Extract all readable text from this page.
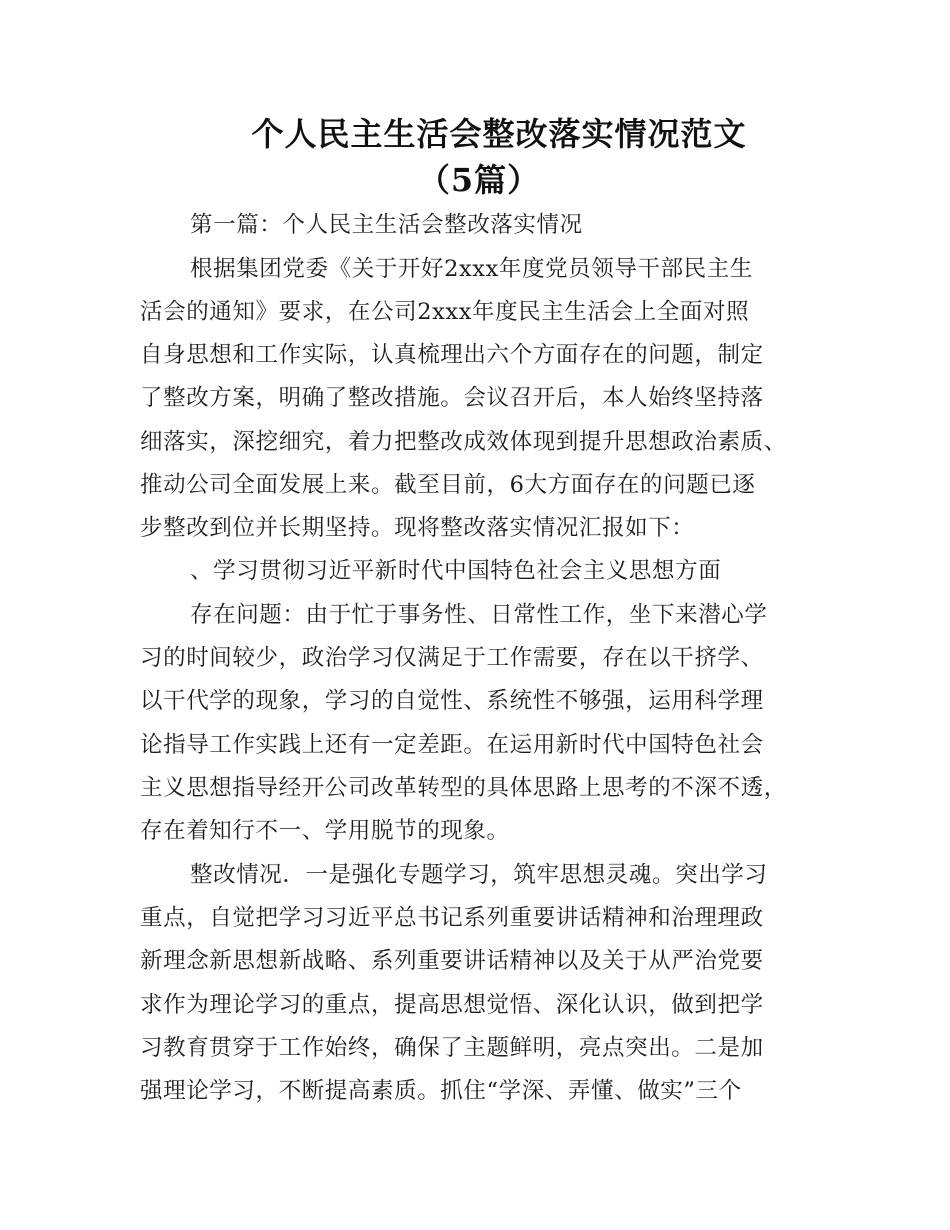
个人民主生活会整改落实情况范文
（5篇）
第一篇：个人民主生活会整改落实情况
根据集团党委《关于开好2xxx年度党员领导干部民主生
活会的通知》要求，在公司2xxx年度民主生活会上全面对照
自身思想和工作实际，认真梳理出六个方面存在的问题，制定
了整改方案，明确了整改措施。会议召开后，本人始终坚持落
细落实，深挖细究，着力把整改成效体现到提升思想政治素质、
推动公司全面发展上来。截至目前，6大方面存在的问题已逐
步整改到位并长期坚持。现将整改落实情况汇报如下：
、学习贯彻习近平新时代中国特色社会主义思想方面
存在问题：由于忙于事务性、日常性工作，坐下来潜心学
习的时间较少，政治学习仅满足于工作需要，存在以干挤学、
以干代学的现象，学习的自觉性、系统性不够强，运用科学理
论指导工作实践上还有一定差距。在运用新时代中国特色社会
主义思想指导经开公司改革转型的具体思路上思考的不深不透，
存在着知行不一、学用脱节的现象。
整改情况．一是强化专题学习，筑牢思想灵魂。突出学习
重点，自觉把学习习近平总书记系列重要讲话精神和治理理政
新理念新思想新战略、系列重要讲话精神以及关于从严治党要
求作为理论学习的重点，提高思想觉悟、深化认识，做到把学
习教育贯穿于工作始终，确保了主题鲜明，亮点突出。二是加
强理论学习，不断提高素质。抓住“学深、弄懂、做实”三个
